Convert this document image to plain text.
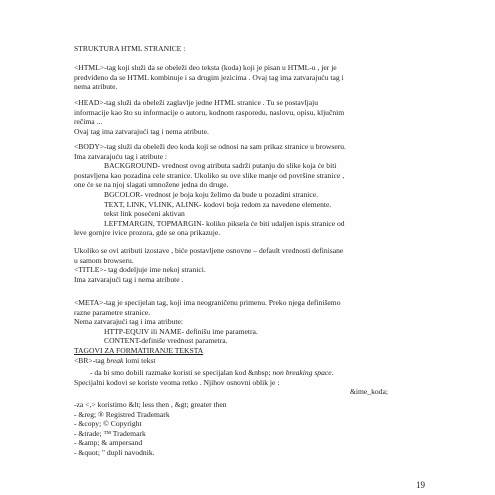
STRUKTURA HTML STRANICE :
<HTML>-tag koji služi da se obeleži deo teksta (koda) koji je pisan u HTML-u , jer je
predviđeno da se HTML kombinuje i sa drugim jezicima . Ovaj tag ima zatvarajuću tag i
nema atribute.
<HEAD>-tag služi da obeleži zaglavlje jedne HTML stranice . Tu se postavljaju
informacije kao što su informacije o autoru, kodnom rasporedu, naslovu, opisu, ključnim
rečima ...
Ovaj tag ima zatvarajući tag i nema atribute.
<BODY>-tag služi da obeleži deo koda koji se odnosi na sam prikaz stranice u browseru.
Ima zatvarajuću tag i atribute :
BACKGROUND- vrednost ovog atributa sadrži putanju do slike koja će biti
postavljena kao pozadina cele stranice. Ukoliko su ove slike manje od površine stranice ,
one će se na njoj slagati umnožene jedna do druge.
BGCOLOR- vrednost je boja koju želimo da bude u pozadini stranice.
TEXT, LINK, VLINK, ALINK- kodovi boja redom za navedene elemente.
tekst link posećeni aktivan
LEFTMARGIN, TOPMARGIN- koliko piksela će biti udaljen ispis stranice od
leve gornjre ivice prozora, gde se ona prikazuje.
Ukoliko se ovi atributi izostave , biće postavljene osnovne – default vrednosti definisane
u samom browseru.
<TITLE>- tag dodeljuje ime nekoj stranici.
Ima zatvarajući tag i nema atribute .
<META>-tag je specijelan tag, koji ima neograničenu primenu. Preko njega definišemo
razne parametre stranice.
Nema zatvarajući tag i ima atribute:
HTTP-EQUIV ili NAME- definišu ime parametra.
CONTENT-definiše vrednost parametra.
TAGOVI ZA FORMATIRANJE TEKSTA
<BR>-tag break lomi tekst
- da bi smo dobili razmake koristi se specijalan kod &nbsp; non breaking space.
Specijalni kodovi se koriste veoma retko . Njihov osnovni oblik je :
&ime_koda;
-za <,> koristimo &lt; less then , &gt; greater then
- &reg; ® Registred Trademark
- &copy; © Copyright
- &trade; ™ Trademark
- &amp; & ampersand
- &quot; " dupli navodnik.
19
